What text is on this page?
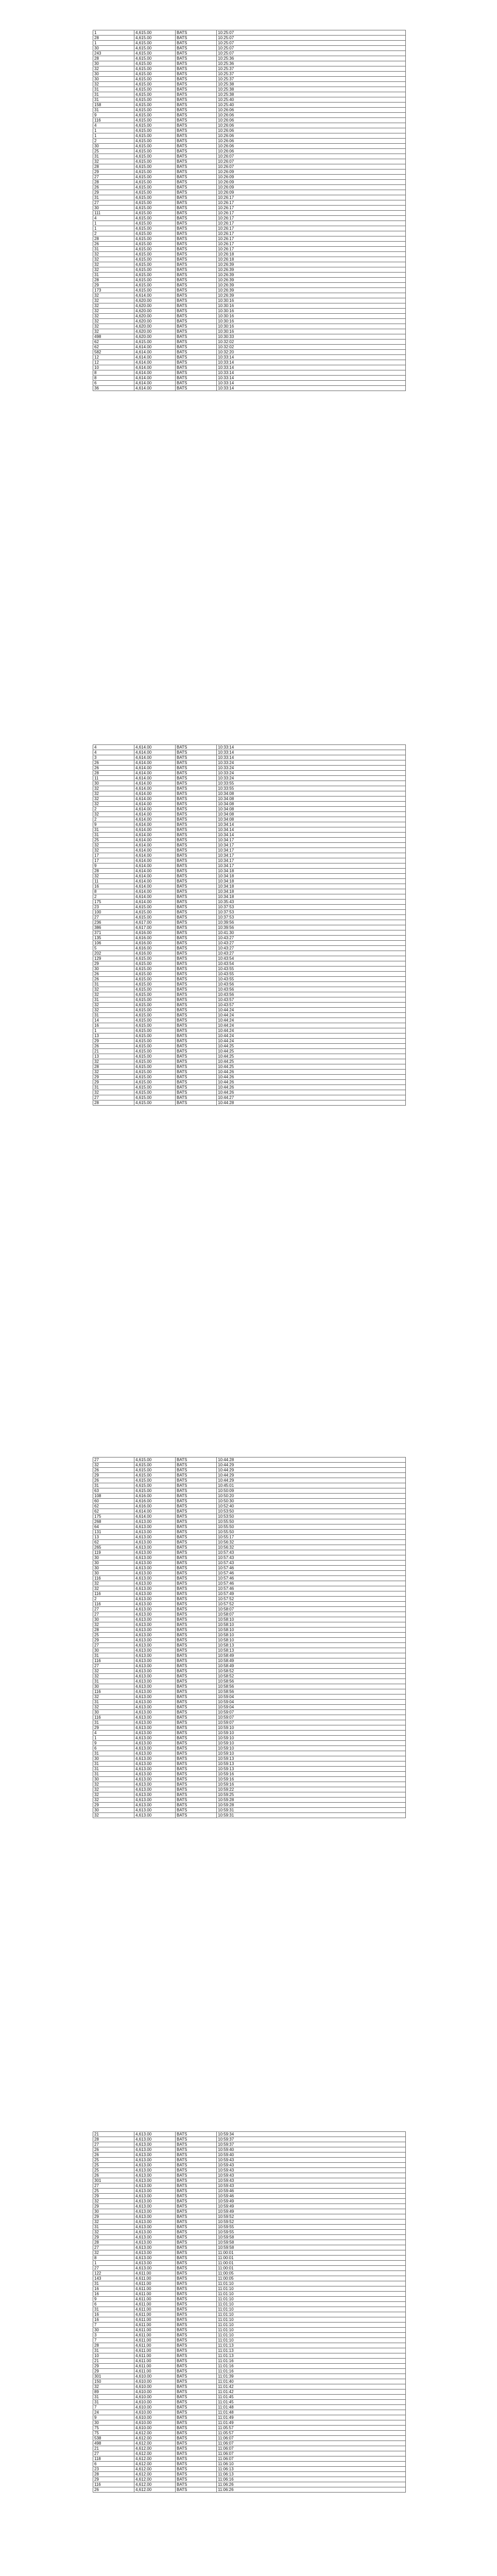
1	4,615.00	BATS	10:25:07
28	4,615.00	BATS	10:25:07
1	4,615.00	BATS	10:25:07
30	4,615.00	BATS	10:25:07
243	4,615.00	BATS	10:25:07
28	4,615.00	BATS	10:25:36
30	4,615.00	BATS	10:25:36
32	4,615.00	BATS	10:25:37
30	4,615.00	BATS	10:25:37
30	4,615.00	BATS	10:25:37
32	4,615.00	BATS	10:25:38
31	4,615.00	BATS	10:25:38
31	4,615.00	BATS	10:25:38
31	4,615.00	BATS	10:25:40
158	4,615.00	BATS	10:25:40
31	4,615.00	BATS	10:26:06
9	4,615.00	BATS	10:26:06
116	4,615.00	BATS	10:26:06
4	4,615.00	BATS	10:26:06
1	4,615.00	BATS	10:26:06
1	4,615.00	BATS	10:26:06
2	4,615.00	BATS	10:26:06
30	4,615.00	BATS	10:26:06
25	4,615.00	BATS	10:26:06
31	4,615.00	BATS	10:26:07
32	4,615.00	BATS	10:26:07
28	4,615.00	BATS	10:26:07
29	4,615.00	BATS	10:26:09
27	4,615.00	BATS	10:26:09
28	4,615.00	BATS	10:26:09
26	4,615.00	BATS	10:26:09
29	4,615.00	BATS	10:26:09
31	4,615.00	BATS	10:26:17
27	4,615.00	BATS	10:26:17
30	4,615.00	BATS	10:26:17
111	4,615.00	BATS	10:26:17
4	4,615.00	BATS	10:26:17
1	4,615.00	BATS	10:26:17
1	4,615.00	BATS	10:26:17
2	4,615.00	BATS	10:26:17
28	4,615.00	BATS	10:26:17
26	4,615.00	BATS	10:26:17
31	4,615.00	BATS	10:26:17
32	4,615.00	BATS	10:26:18
32	4,615.00	BATS	10:26:18
32	4,615.00	BATS	10:26:39
32	4,615.00	BATS	10:26:39
31	4,615.00	BATS	10:26:39
28	4,615.00	BATS	10:26:39
29	4,615.00	BATS	10:26:39
173	4,615.00	BATS	10:26:39
32	4,614.00	BATS	10:26:39
32	4,620.00	BATS	10:30:16
32	4,620.00	BATS	10:30:16
32	4,620.00	BATS	10:30:16
32	4,620.00	BATS	10:30:16
32	4,620.00	BATS	10:30:16
32	4,620.00	BATS	10:30:16
32	4,620.00	BATS	10:30:16
498	4,620.00	BATS	10:30:33
62	4,615.00	BATS	10:32:02
62	4,614.00	BATS	10:32:02
582	4,614.00	BATS	10:32:20
12	4,614.00	BATS	10:33:14
12	4,614.00	BATS	10:33:14
10	4,614.00	BATS	10:33:14
8	4,614.00	BATS	10:33:14
8	4,614.00	BATS	10:33:14
6	4,614.00	BATS	10:33:14
36	4,614.00	BATS	10:33:14
4	4,614.00	BATS	10:33:14
4	4,614.00	BATS	10:33:14
3	4,614.00	BATS	10:33:14
26	4,614.00	BATS	10:33:24
26	4,614.00	BATS	10:33:24
28	4,614.00	BATS	10:33:24
11	4,614.00	BATS	10:33:24
30	4,614.00	BATS	10:33:55
32	4,614.00	BATS	10:33:55
32	4,614.00	BATS	10:34:08
32	4,614.00	BATS	10:34:08
32	4,614.00	BATS	10:34:08
2	4,614.00	BATS	10:34:08
32	4,614.00	BATS	10:34:08
2	4,614.00	BATS	10:34:08
9	4,614.00	BATS	10:34:14
31	4,614.00	BATS	10:34:14
31	4,614.00	BATS	10:34:14
25	4,614.00	BATS	10:34:17
32	4,614.00	BATS	10:34:17
32	4,614.00	BATS	10:34:17
17	4,614.00	BATS	10:34:17
17	4,614.00	BATS	10:34:17
9	4,614.00	BATS	10:34:17
28	4,614.00	BATS	10:34:18
32	4,614.00	BATS	10:34:18
11	4,614.00	BATS	10:34:18
16	4,614.00	BATS	10:34:18
8	4,614.00	BATS	10:34:18
2	4,614.00	BATS	10:34:18
175	4,614.00	BATS	10:35:43
23	4,615.00	BATS	10:37:53
100	4,615.00	BATS	10:37:53
27	4,615.00	BATS	10:37:53
236	4,617.00	BATS	10:39:56
386	4,617.00	BATS	10:39:56
371	4,616.00	BATS	10:41:30
135	4,616.00	BATS	10:43:27
106	4,616.00	BATS	10:43:27
5	4,616.00	BATS	10:43:27
202	4,616.00	BATS	10:43:27
129	4,615.00	BATS	10:43:54
29	4,615.00	BATS	10:43:54
30	4,615.00	BATS	10:43:55
26	4,615.00	BATS	10:43:55
26	4,615.00	BATS	10:43:55
31	4,615.00	BATS	10:43:56
32	4,615.00	BATS	10:43:56
32	4,615.00	BATS	10:43:56
31	4,615.00	BATS	10:43:57
32	4,615.00	BATS	10:43:57
32	4,615.00	BATS	10:44:24
31	4,615.00	BATS	10:44:24
14	4,615.00	BATS	10:44:24
16	4,615.00	BATS	10:44:24
1	4,615.00	BATS	10:44:24
13	4,615.00	BATS	10:44:24
29	4,615.00	BATS	10:44:24
26	4,615.00	BATS	10:44:25
21	4,615.00	BATS	10:44:25
13	4,615.00	BATS	10:44:25
32	4,615.00	BATS	10:44:25
28	4,615.00	BATS	10:44:25
32	4,615.00	BATS	10:44:26
29	4,615.00	BATS	10:44:26
29	4,615.00	BATS	10:44:26
31	4,615.00	BATS	10:44:26
32	4,615.00	BATS	10:44:26
27	4,615.00	BATS	10:44:27
28	4,615.00	BATS	10:44:28
27	4,615.00	BATS	10:44:28
32	4,615.00	BATS	10:44:29
26	4,615.00	BATS	10:44:29
29	4,615.00	BATS	10:44:29
26	4,615.00	BATS	10:44:29
31	4,615.00	BATS	10:45:01
63	4,615.00	BATS	10:50:09
108	4,616.00	BATS	10:50:20
60	4,616.00	BATS	10:50:30
62	4,616.00	BATS	10:52:40
62	4,614.00	BATS	10:53:50
175	4,614.00	BATS	10:53:50
268	4,613.00	BATS	10:55:50
64	4,613.00	BATS	10:55:50
131	4,613.00	BATS	10:55:50
13	4,613.00	BATS	10:55:17
62	4,613.00	BATS	10:56:32
265	4,613.00	BATS	10:56:32
119	4,613.00	BATS	10:57:43
30	4,613.00	BATS	10:57:43
30	4,613.00	BATS	10:57:43
30	4,613.00	BATS	10:57:46
30	4,613.00	BATS	10:57:46
116	4,613.00	BATS	10:57:46
32	4,613.00	BATS	10:57:46
32	4,613.00	BATS	10:57:46
116	4,613.00	BATS	10:57:49
2	4,613.00	BATS	10:57:52
116	4,613.00	BATS	10:57:52
27	4,613.00	BATS	10:58:07
27	4,613.00	BATS	10:58:07
30	4,613.00	BATS	10:58:10
32	4,613.00	BATS	10:58:10
28	4,613.00	BATS	10:58:10
25	4,613.00	BATS	10:58:10
29	4,613.00	BATS	10:58:10
27	4,613.00	BATS	10:58:13
30	4,613.00	BATS	10:58:13
31	4,613.00	BATS	10:58:49
116	4,613.00	BATS	10:58:49
27	4,613.00	BATS	10:58:49
32	4,613.00	BATS	10:58:52
32	4,613.00	BATS	10:58:52
31	4,613.00	BATS	10:58:56
30	4,613.00	BATS	10:58:56
116	4,613.00	BATS	10:58:56
32	4,613.00	BATS	10:59:04
31	4,613.00	BATS	10:59:04
32	4,613.00	BATS	10:59:04
30	4,613.00	BATS	10:59:07
116	4,613.00	BATS	10:59:07
31	4,613.00	BATS	10:59:07
29	4,613.00	BATS	10:59:10
4	4,613.00	BATS	10:59:10
1	4,613.00	BATS	10:59:10
9	4,613.00	BATS	10:59:10
6	4,613.00	BATS	10:59:10
31	4,613.00	BATS	10:59:10
30	4,613.00	BATS	10:59:13
31	4,613.00	BATS	10:59:13
31	4,613.00	BATS	10:59:13
31	4,613.00	BATS	10:59:16
30	4,613.00	BATS	10:59:16
32	4,613.00	BATS	10:59:16
32	4,613.00	BATS	10:59:22
32	4,613.00	BATS	10:59:25
32	4,613.00	BATS	10:59:28
29	4,613.00	BATS	10:59:28
30	4,613.00	BATS	10:59:31
32	4,613.00	BATS	10:59:31
21	4,613.00	BATS	10:59:34
28	4,613.00	BATS	10:59:37
27	4,613.00	BATS	10:59:37
26	4,613.00	BATS	10:59:40
26	4,613.00	BATS	10:59:40
25	4,613.00	BATS	10:59:43
25	4,613.00	BATS	10:59:43
25	4,613.00	BATS	10:59:43
26	4,613.00	BATS	10:59:43
301	4,613.00	BATS	10:59:43
27	4,613.00	BATS	10:59:43
25	4,613.00	BATS	10:59:46
29	4,613.00	BATS	10:59:46
32	4,613.00	BATS	10:59:49
29	4,613.00	BATS	10:59:49
30	4,613.00	BATS	10:59:49
29	4,613.00	BATS	10:59:52
32	4,613.00	BATS	10:59:52
31	4,613.00	BATS	10:59:55
32	4,613.00	BATS	10:59:55
29	4,613.00	BATS	10:59:58
28	4,613.00	BATS	10:59:58
27	4,613.00	BATS	10:59:58
32	4,613.00	BATS	11:00:01
8	4,613.00	BATS	11:00:01
1	4,613.00	BATS	11:00:01
27	4,613.00	BATS	11:00:01
122	4,611.00	BATS	11:00:05
143	4,611.00	BATS	11:00:05
31	4,611.00	BATS	11:01:10
16	4,611.00	BATS	11:01:10
16	4,611.00	BATS	11:01:10
9	4,611.00	BATS	11:01:10
6	4,611.00	BATS	11:01:10
31	4,611.00	BATS	11:01:10
16	4,611.00	BATS	11:01:10
16	4,611.00	BATS	11:01:10
7	4,611.00	BATS	11:01:10
30	4,611.00	BATS	11:01:10
3	4,611.00	BATS	11:01:10
7	4,611.00	BATS	11:01:10
28	4,611.00	BATS	11:01:13
31	4,611.00	BATS	11:01:13
10	4,611.00	BATS	11:01:13
21	4,611.00	BATS	11:01:16
29	4,611.00	BATS	11:01:16
29	4,611.00	BATS	11:01:16
301	4,610.00	BATS	11:01:39
150	4,610.00	BATS	11:01:40
32	4,610.00	BATS	11:01:42
89	4,610.00	BATS	11:01:42
31	4,610.00	BATS	11:01:45
31	4,610.00	BATS	11:01:45
7	4,610.00	BATS	11:01:48
24	4,610.00	BATS	11:01:48
9	4,610.00	BATS	11:01:49
30	4,610.00	BATS	11:01:49
75	4,610.00	BATS	11:05:57
75	4,612.00	BATS	11:05:57
538	4,612.00	BATS	11:06:07
498	4,612.00	BATS	11:06:07
21	4,612.00	BATS	11:06:07
27	4,612.00	BATS	11:06:07
118	4,612.00	BATS	11:06:07
6	4,612.00	BATS	11:06:10
23	4,612.00	BATS	11:06:13
28	4,612.00	BATS	11:06:13
29	4,612.00	BATS	11:06:16
116	4,612.00	BATS	11:06:26
26	4,612.00	BATS	11:06:26
